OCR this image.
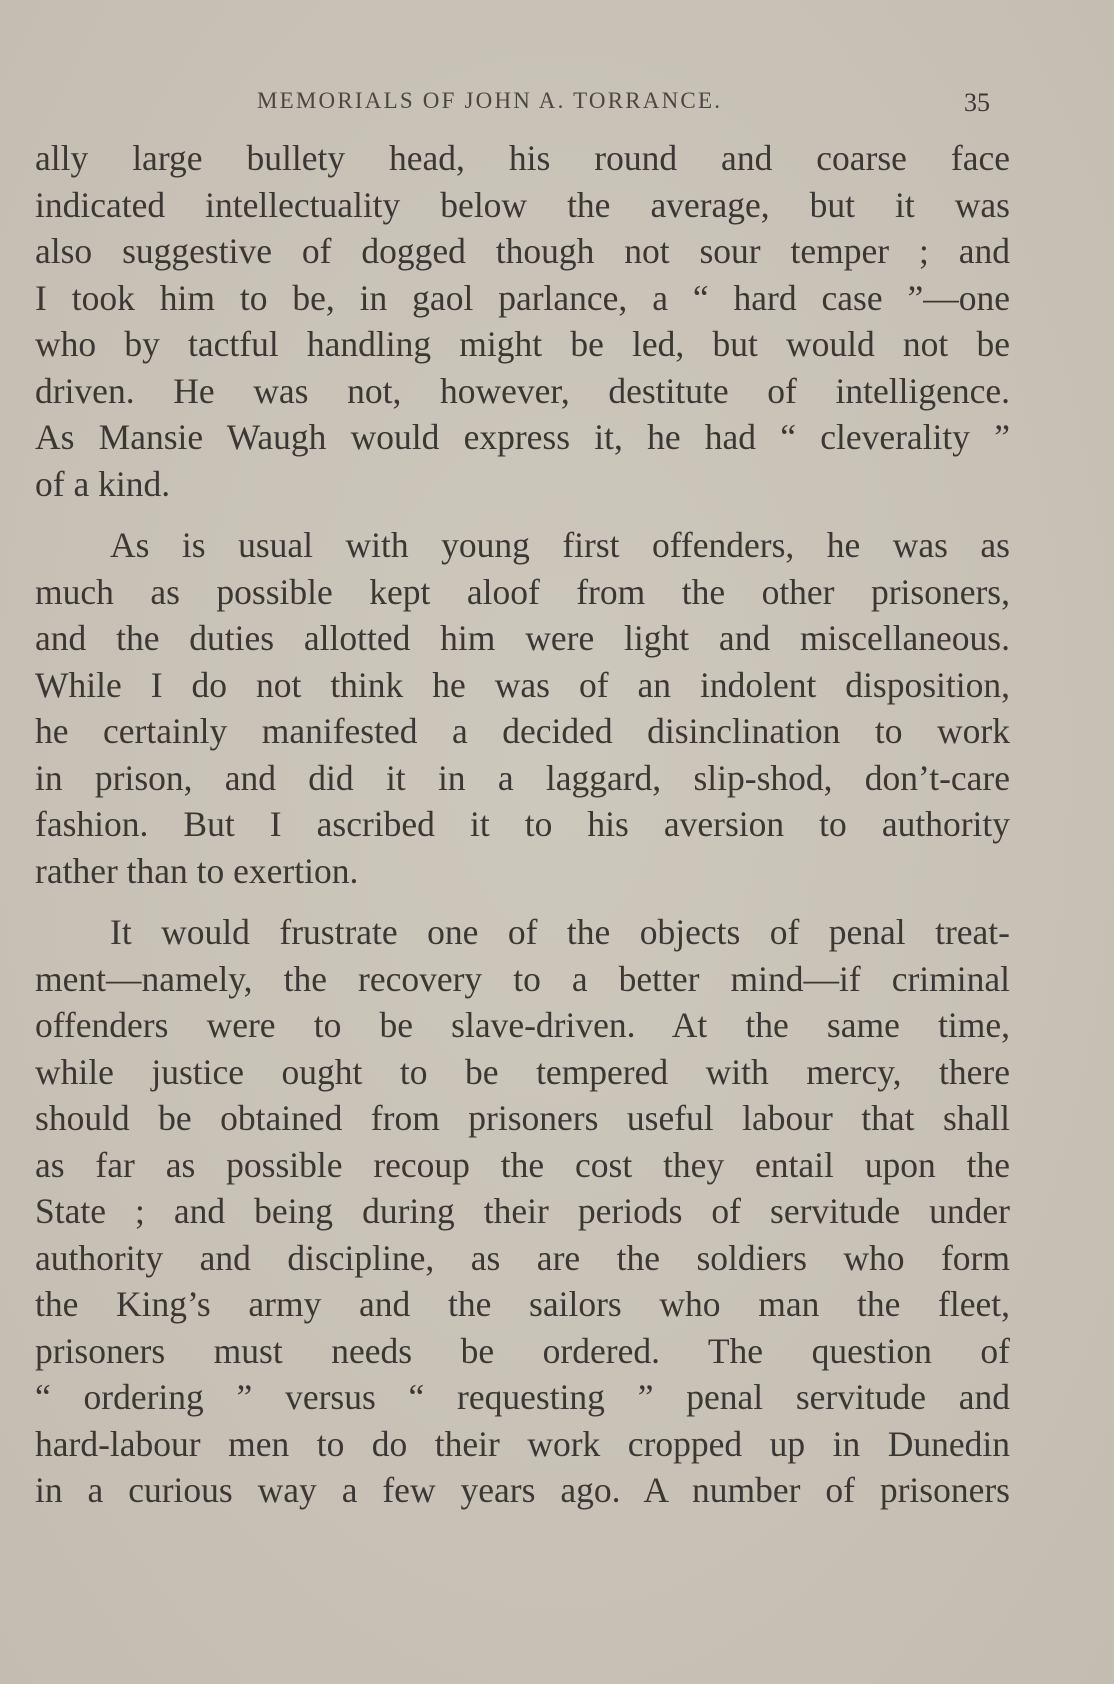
MEMORIALS OF JOHN A. TORRANCE.	35
ally large bullety head, his round and coarse face
indicated intellectuality below the average, but it was
also suggestive of dogged though not sour temper ; and
I took him to be, in gaol parlance, a “ hard case ”—one
who by tactful handling might be led, but would not be
driven. He was not, however, destitute of intelligence.
As Mansie Waugh would express it, he had “ cleverality ”
of a kind.
As is usual with young first offenders, he was as
much as possible kept aloof from the other prisoners,
and the duties allotted him were light and miscellaneous.
While I do not think he was of an indolent disposition,
he certainly manifested a decided disinclination to work
in prison, and did it in a laggard, slip-shod, don’t-care
fashion. But I ascribed it to his aversion to authority
rather than to exertion.
It would frustrate one of the objects of penal treat-
ment—namely, the recovery to a better mind—if criminal
offenders were to be slave-driven. At the same time,
while justice ought to be tempered with mercy, there
should be obtained from prisoners useful labour that shall
as far as possible recoup the cost they entail upon the
State ; and being during their periods of servitude under
authority and discipline, as are the soldiers who form
the King’s army and the sailors who man the fleet,
prisoners must needs be ordered. The question of
“ ordering ” versus “ requesting ” penal servitude and
hard-labour men to do their work cropped up in Dunedin
in a curious way a few years ago. A number of prisoners
